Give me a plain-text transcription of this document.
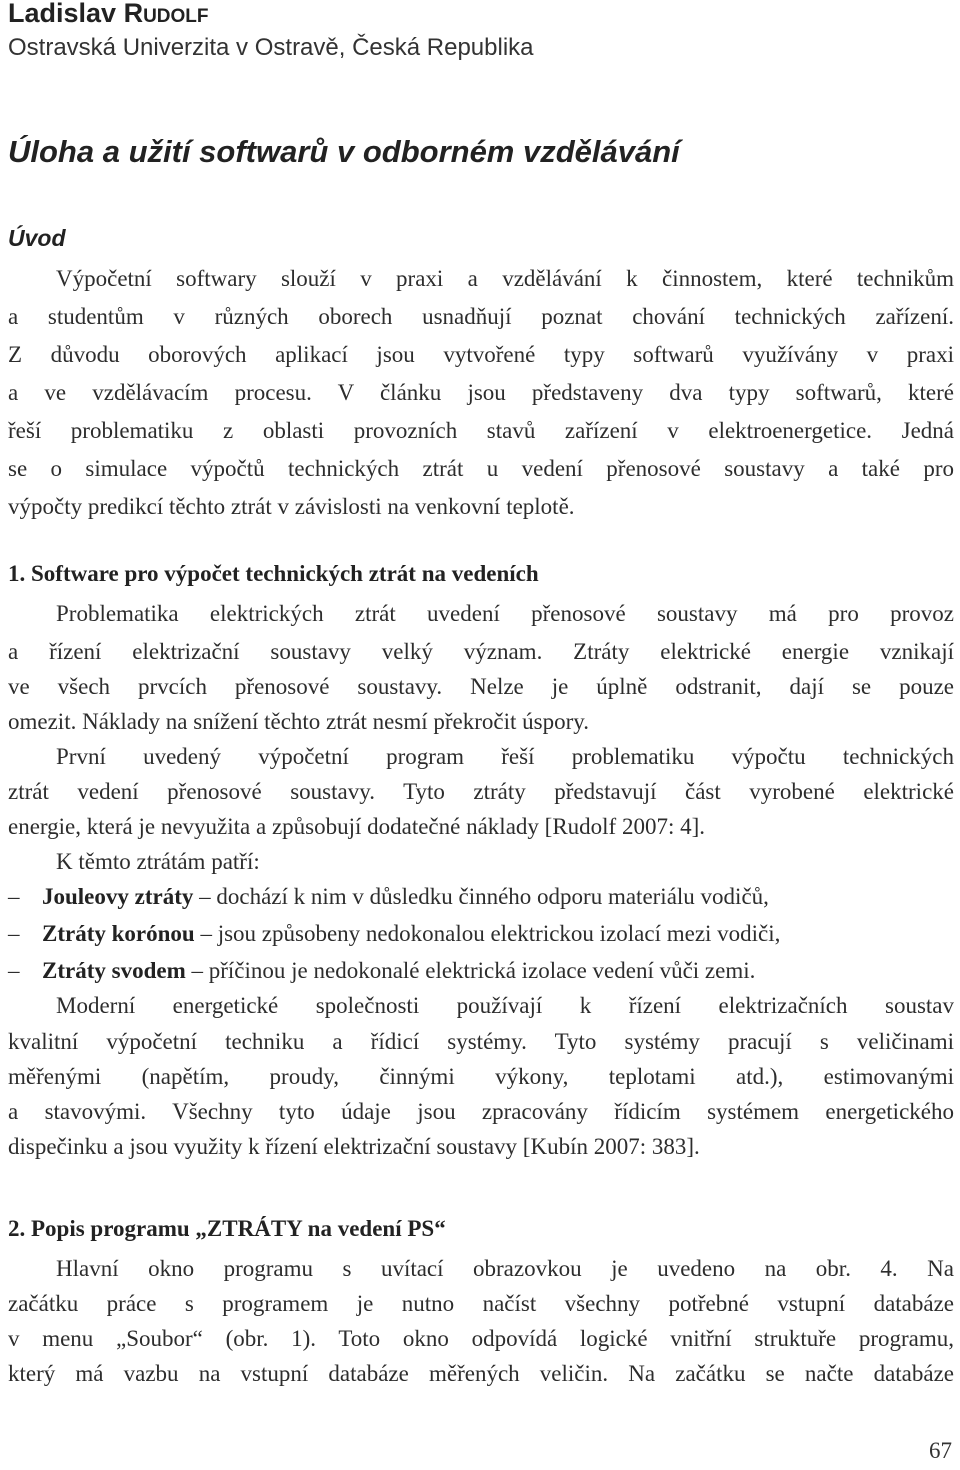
Ladislav Rudolf
Ostravská Univerzita v Ostravě, Česká Republika
Úloha a užití softwarů v odborném vzdělávání
Úvod
Výpočetní softwary slouží v praxi a vzdělávání k činnostem, které technikům
a studentům v různých oborech usnadňují poznat chování technických zařízení.
Z důvodu oborových aplikací jsou vytvořené typy softwarů využívány v praxi
a ve vzdělávacím procesu. V článku jsou představeny dva typy softwarů, které
řeší problematiku z oblasti provozních stavů zařízení v elektroenergetice. Jedná
se o simulace výpočtů technických ztrát u vedení přenosové soustavy a také pro
výpočty predikcí těchto ztrát v závislosti na venkovní teplotě.
1. Software pro výpočet technických ztrát na vedeních
Problematika elektrických ztrát uvedení přenosové soustavy má pro provoz
a řízení elektrizační soustavy velký význam. Ztráty elektrické energie vznikají
ve všech prvcích přenosové soustavy. Nelze je úplně odstranit, dají se pouze
omezit. Náklady na snížení těchto ztrát nesmí překročit úspory.
První uvedený výpočetní program řeší problematiku výpočtu technických
ztrát vedení přenosové soustavy. Tyto ztráty představují část vyrobené elektrické
energie, která je nevyužita a způsobují dodatečné náklady [Rudolf 2007: 4].
K těmto ztrátám patří:
– Jouleovy ztráty – dochází k nim v důsledku činného odporu materiálu vodičů,
– Ztráty korónou – jsou způsobeny nedokonalou elektrickou izolací mezi vodiči,
– Ztráty svodem – příčinou je nedokonalé elektrická izolace vedení vůči zemi.
Moderní energetické společnosti používají k řízení elektrizačních soustav
kvalitní výpočetní techniku a řídicí systémy. Tyto systémy pracují s veličinami
měřenými (napětím, proudy, činnými výkony, teplotami atd.), estimovanými
a stavovými. Všechny tyto údaje jsou zpracovány řídicím systémem energetického
dispečinku a jsou využity k řízení elektrizační soustavy [Kubín 2007: 383].
2. Popis programu „ZTRÁTY na vedení PS“
Hlavní okno programu s uvítací obrazovkou je uvedeno na obr. 4. Na
začátku práce s programem je nutno načíst všechny potřebné vstupní databáze
v menu „Soubor“ (obr. 1). Toto okno odpovídá logické vnitřní struktuře programu,
který má vazbu na vstupní databáze měřených veličin. Na začátku se načte databáze
67
